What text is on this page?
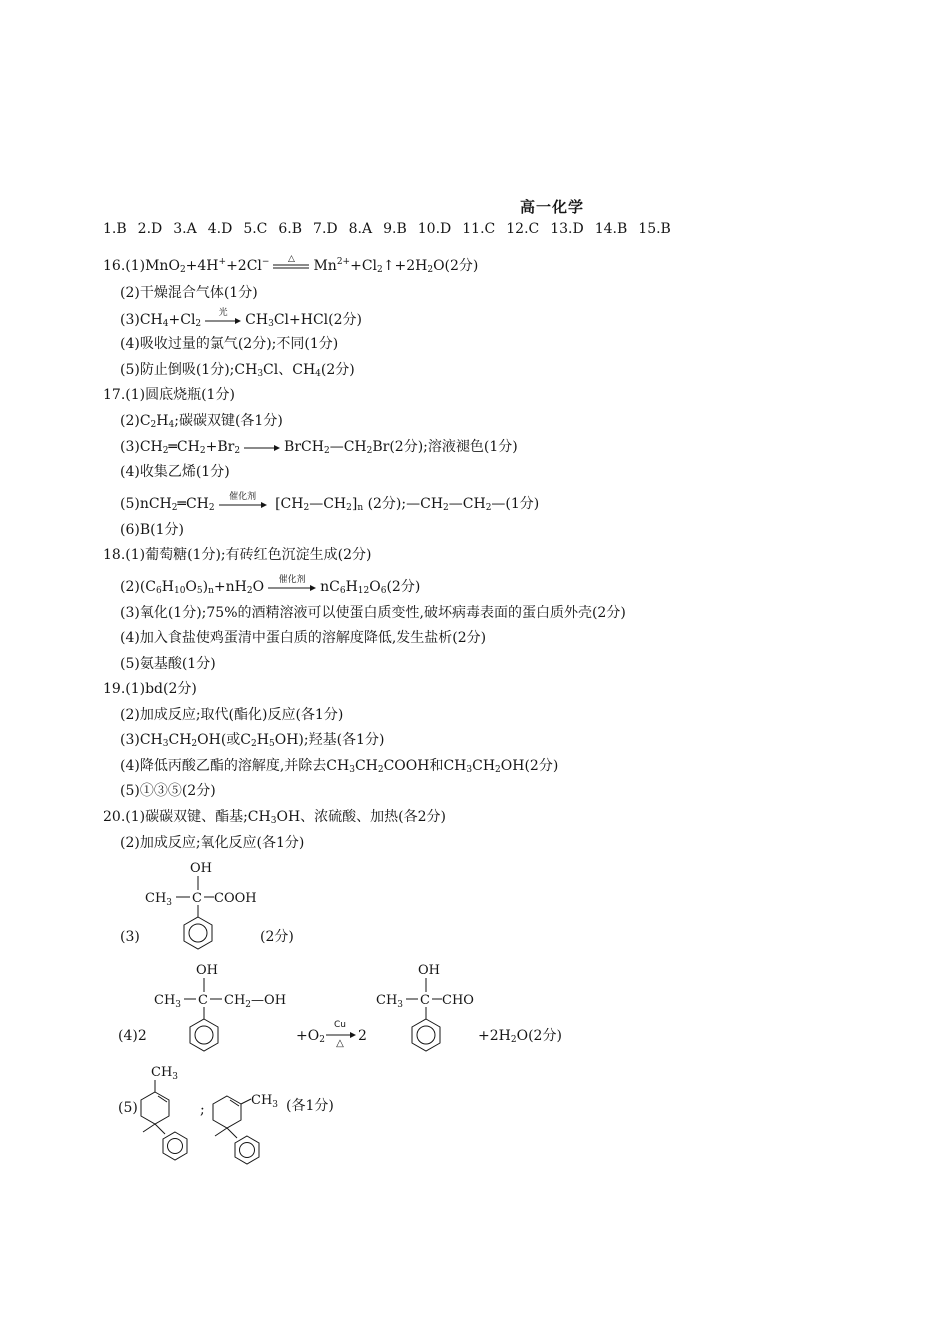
高一化学
1.B 2.D 3.A 4.D 5.C 6.B 7.D 8.A 9.B 10.D 11.C 12.C 13.D 14.B 15.B
16.(1)MnO$_2$+4H++2Cl−	△	$Mn^{2+}+Cl_2↑+2H_2O(2$分)
(2)干燥混合气体(1分)
$(3)CH_4+Cl_2$
光	$CH_3Cl+HCl(2$分)
(4)吸收过量的氯气(2分);不同(1分)
(5)防止倒吸(1分)$;CH_3Cl$、$CH_4(2$分)
17.(1)圆底烧瓶(1分)
$(2)C_2H_4$;碳碳双键(各1分)
$(3)CH_2═CH_2+Br_2$ → $BrCH_2—CH_2Br(2$分);溶液褪色(1分)
(4)收集乙烯(1分)
$(5)nCH_2═CH_2$
催化剂	$[CH_2—CH_2]_n$ (2分)$;—CH_2—CH_2—(1$分)
(6)B(1分)
18.(1)葡萄糖(1分);有砖红色沉淀生成(2分)
$(2)(C_6H_{10}O_5)_n+nH_2O$	催化剂	$nC_6H_{12}O_6(2$分)
(3)氧化(1分);75%的酒精溶液可以使蛋白质变性,破坏病毒表面的蛋白质外壳(2分)
(4)加入食盐使鸡蛋清中蛋白质的溶解度降低,发生盐析(2分)
(5)氨基酸(1分)
19.(1)bd(2分)
(2)加成反应;取代(酯化)反应(各1分)
$(3)CH_3CH_2OH$(或$C_2H_5OH$);羟基(各1分)
(4)降低丙酸乙酯的溶解度,并除去$CH_3CH_2COOH$和$CH_3CH_2OH(2$分)
(5)①③⑤(2分)
20.(1)碳碳双键、酯基$;CH_3OH$、浓硫酸、加热(各2分)
(2)加成反应;氧化反应(各1分)
(3)	(2分)
OH
$CH_3$ C COOH
(4)2
OH
$CH_3$ C $CH_2—OH$
$+O_2$
Cu
△	2
OH
$CH_3$ C CHO
$+2H_2O(2$分)
(5)
$CH_3$
;
$CH_3$ (各1分)
